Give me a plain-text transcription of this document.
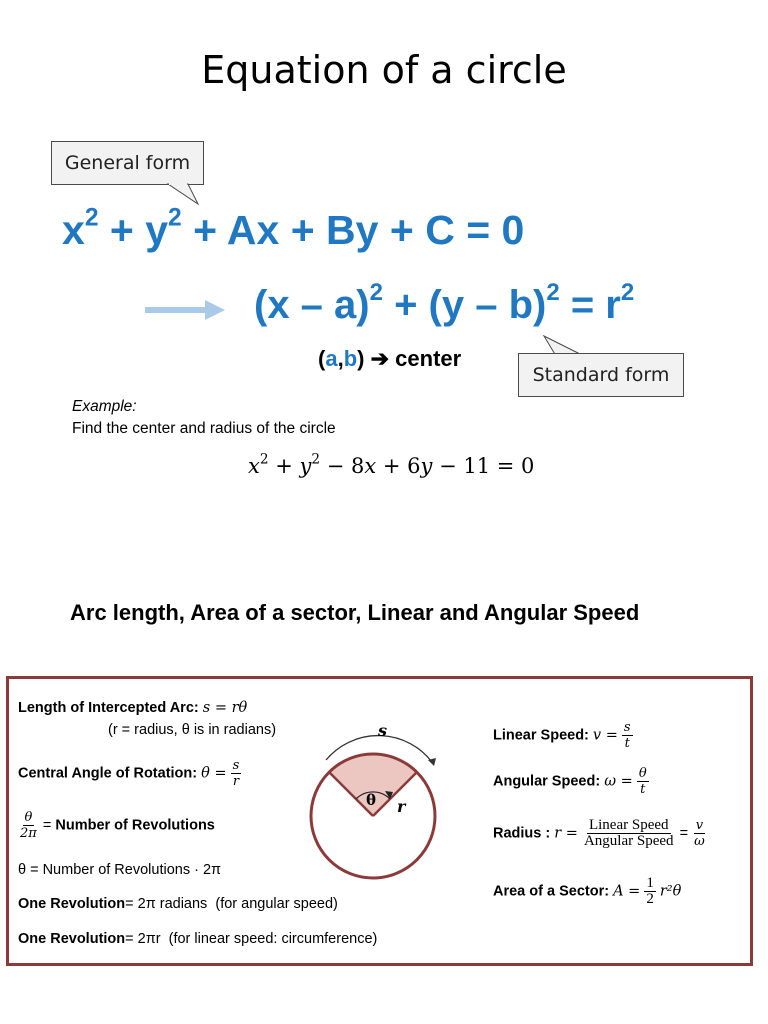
Equation of a circle
General form
$x^2 + y^2 + Ax + By + C = 0$
$(x - a)^2 + (y - b)^2 = r^2$
(a,b) ➔ center
Standard form
Example:
Find the center and radius of the circle
$x^2 + y^2 - 8x + 6y - 11 = 0$
Arc length, Area of a sector, Linear and Angular Speed
Length of Intercepted Arc: s = rθ
(r = radius, θ is in radians)
Central Angle of Rotation: $\theta = \frac{s}{r}$
$\frac{\theta}{2\pi}$ = Number of Revolutions
θ = Number of Revolutions · 2π
One Revolution= 2π radians (for angular speed)
One Revolution= 2πr (for linear speed: circumference)
s
θ r
Linear Speed: $v = \frac{s}{t}$
Angular Speed: $\omega = \frac{\theta}{t}$
Radius : $r = \frac{\text{Linear Speed}}{\text{Angular Speed}} = \frac{v}{\omega}$
Area of a Sector: $A = \frac{1}{2} r^2\theta$
